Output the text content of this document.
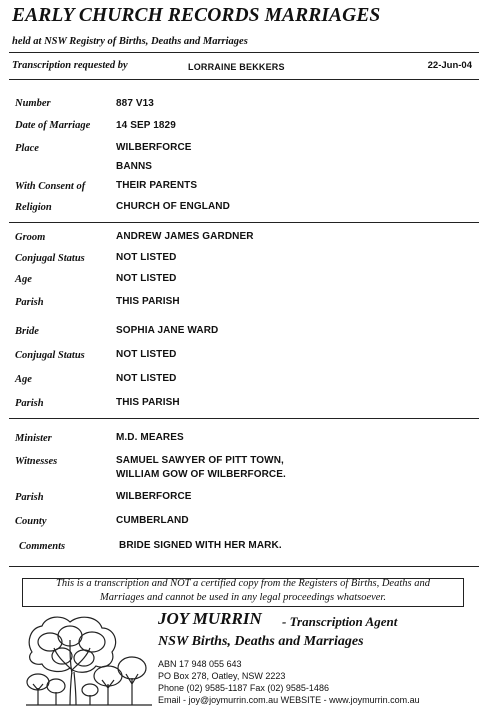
EARLY CHURCH RECORDS MARRIAGES
held at NSW Registry of Births, Deaths and Marriages
Transcription requested by	LORRAINE BEKKERS	22-Jun-04
Number	887 V13
Date of Marriage	14 SEP 1829
Place	WILBERFORCE
BANNS
With Consent of	THEIR PARENTS
Religion	CHURCH OF ENGLAND
Groom	ANDREW JAMES GARDNER
Conjugal Status	NOT LISTED
Age	NOT LISTED
Parish	THIS PARISH
Bride	SOPHIA JANE WARD
Conjugal Status	NOT LISTED
Age	NOT LISTED
Parish	THIS PARISH
Minister	M.D. MEARES
Witnesses	SAMUEL SAWYER OF PITT TOWN,
WILLIAM GOW OF WILBERFORCE.
Parish	WILBERFORCE
County	CUMBERLAND
Comments	BRIDE SIGNED WITH HER MARK.
This is a transcription and NOT a certified copy from the Registers of Births, Deaths and
Marriages and cannot be used in any legal proceedings whatsoever.
JOY MURRIN - Transcription Agent
NSW Births, Deaths and Marriages
ABN 17 948 055 643
PO Box 278, Oatley, NSW 2223
Phone (02) 9585-1187 Fax (02) 9585-1486
Email - joy@joymurrin.com.au WEBSITE - www.joymurrin.com.au
